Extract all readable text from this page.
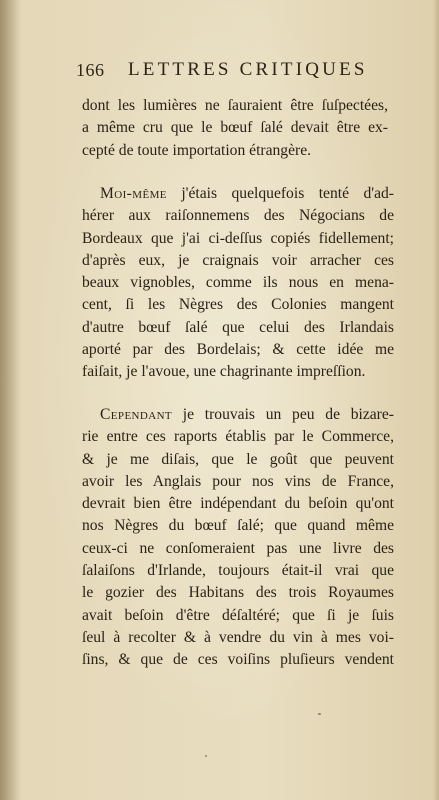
166 LETTRES CRITIQUES
dont les lumières ne ſauraient être ſuſpectées,
a même cru que le bœuf ſalé devait être ex-
cepté de toute importation étrangère.
Moi-même j'étais quelquefois tenté d'ad-
hérer aux raiſonnemens des Négocians de
Bordeaux que j'ai ci-deſſus copiés fidellement;
d'après eux, je craignais voir arracher ces
beaux vignobles, comme ils nous en mena-
cent, ſi les Nègres des Colonies mangent
d'autre bœuf ſalé que celui des Irlandais
aporté par des Bordelais; & cette idée me
faiſait, je l'avoue, une chagrinante impreſſion.
Cependant je trouvais un peu de bizare-
rie entre ces raports établis par le Commerce,
& je me diſais, que le goût que peuvent
avoir les Anglais pour nos vins de France,
devrait bien être indépendant du beſoin qu'ont
nos Nègres du bœuf ſalé; que quand même
ceux-ci ne conſomeraient pas une livre des
ſalaiſons d'Irlande, toujours était-il vrai que
le gozier des Habitans des trois Royaumes
avait beſoin d'être déſaltéré; que ſi je ſuis
ſeul à recolter & à vendre du vin à mes voi-
ſins, & que de ces voiſins pluſieurs vendent
